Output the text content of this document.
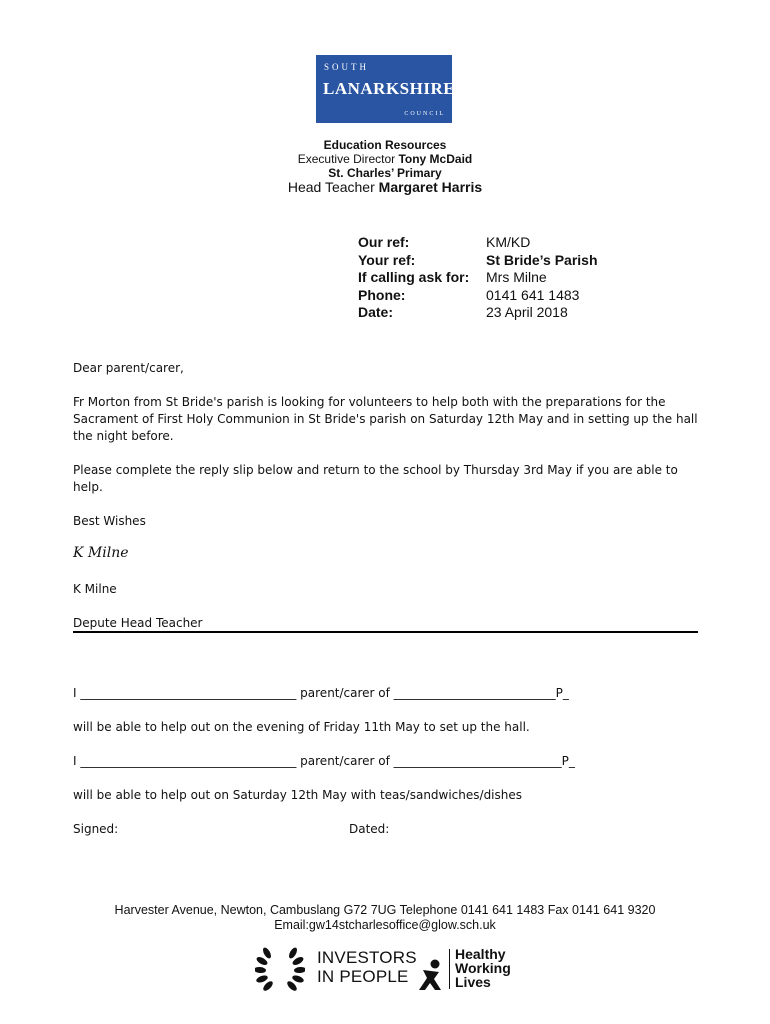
SOUTH
LANARKSHIRE
COUNCIL
Education Resources
Executive Director Tony McDaid
St. Charles’ Primary
Head Teacher Margaret Harris
Our ref:	KM/KD
Your ref:	St Bride’s Parish
If calling ask for: Mrs Milne
Phone:	0141 641 1483
Date:	23 April 2018
Dear parent/carer,
Fr Morton from St Bride's parish is looking for volunteers to help both with the preparations for the Sacrament of First Holy Communion in St Bride's parish on Saturday 12th May and in setting up the hall the night before.
Please complete the reply slip below and return to the school by Thursday 3rd May if you are able to help.
Best Wishes
K Milne
K Milne
Depute Head Teacher
I ____________________________________ parent/carer of ___________________________P_
will be able to help out on the evening of Friday 11th May to set up the hall.
I ____________________________________ parent/carer of ____________________________P_
will be able to help out on Saturday 12th May with teas/sandwiches/dishes
Signed:	Dated:
Harvester Avenue, Newton, Cambuslang G72 7UG Telephone 0141 641 1483 Fax 0141 641 9320
Email:gw14stcharlesoffice@glow.sch.uk
INVESTORS
IN PEOPLE
Healthy
Working
Lives
